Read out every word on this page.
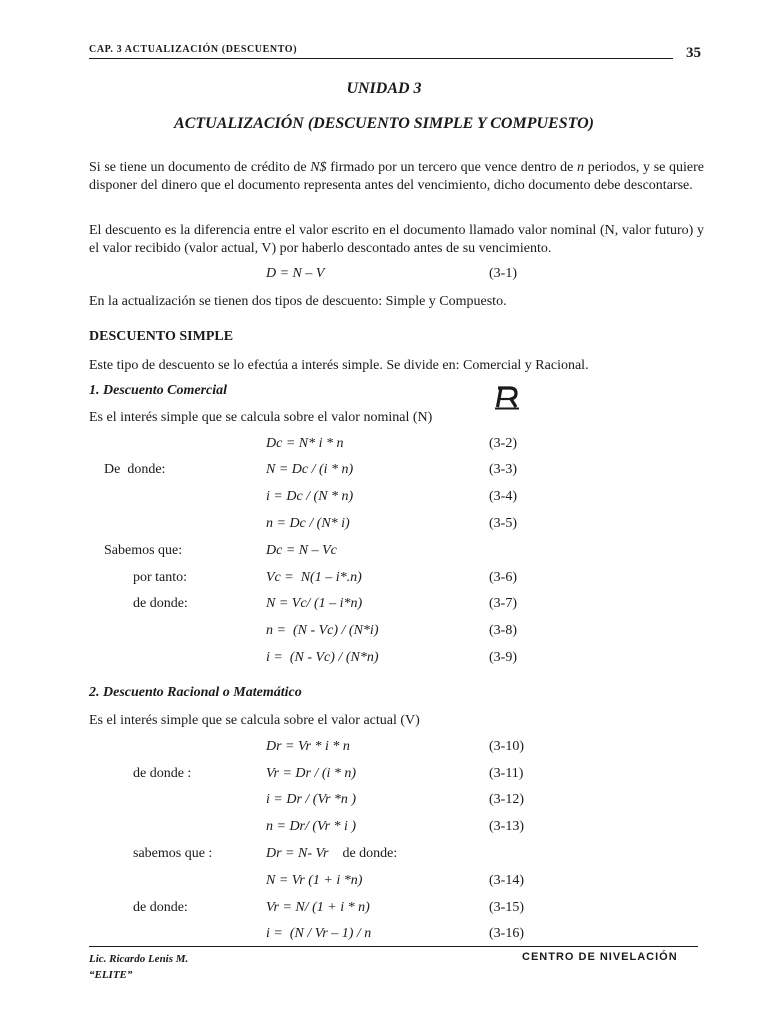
CAP. 3 ACTUALIZACIÓN (DESCUENTO)	35
UNIDAD 3
ACTUALIZACIÓN (DESCUENTO SIMPLE Y COMPUESTO)

Si se tiene un documento de crédito de N$ firmado por un tercero que vence dentro de n periodos, y se quiere disponer del dinero que el documento representa antes del vencimiento, dicho documento debe descontarse.

El descuento es la diferencia entre el valor escrito en el documento llamado valor nominal (N, valor futuro) y el valor recibido (valor actual, V) por haberlo descontado antes de su vencimiento.

D = N – V	(3-1)

En la actualización se tienen dos tipos de descuento: Simple y Compuesto.

DESCUENTO SIMPLE

Este tipo de descuento se lo efectúa a interés simple. Se divide en: Comercial y Racional.

1. Descuento Comercial

Es el interés simple que se calcula sobre el valor nominal (N)

Dc = N* i * n	(3-2)
De  donde:	N = Dc / (i * n)	(3-3)
i = Dc / (N * n)	(3-4)
n = Dc / (N* i)	(3-5)
Sabemos que:	Dc = N – Vc
por tanto:	Vc =  N(1 – i*.n)	(3-6)
de donde:	N = Vc/ (1 – i*n)	(3-7)
n =  (N - Vc) / (N*i)	(3-8)
i =  (N - Vc) / (N*n)	(3-9)
2. Descuento Racional o Matemático

Es el interés simple que se calcula sobre el valor actual (V)

Dr = Vr * i * n	(3-10)
de donde :	Vr = Dr / (i * n)	(3-11)
i = Dr / (Vr *n )	(3-12)
n = Dr/ (Vr * i )	(3-13)
sabemos que :	Dr = N- Vr    de donde:
N = Vr (1 + i *n)	(3-14)
de donde:	Vr = N/ (1 + i * n)	(3-15)
i =  (N / Vr – 1) / n	(3-16)
Lic. Ricardo Lenis M.
“ELITE”
CENTRO DE NIVELACIÓN
